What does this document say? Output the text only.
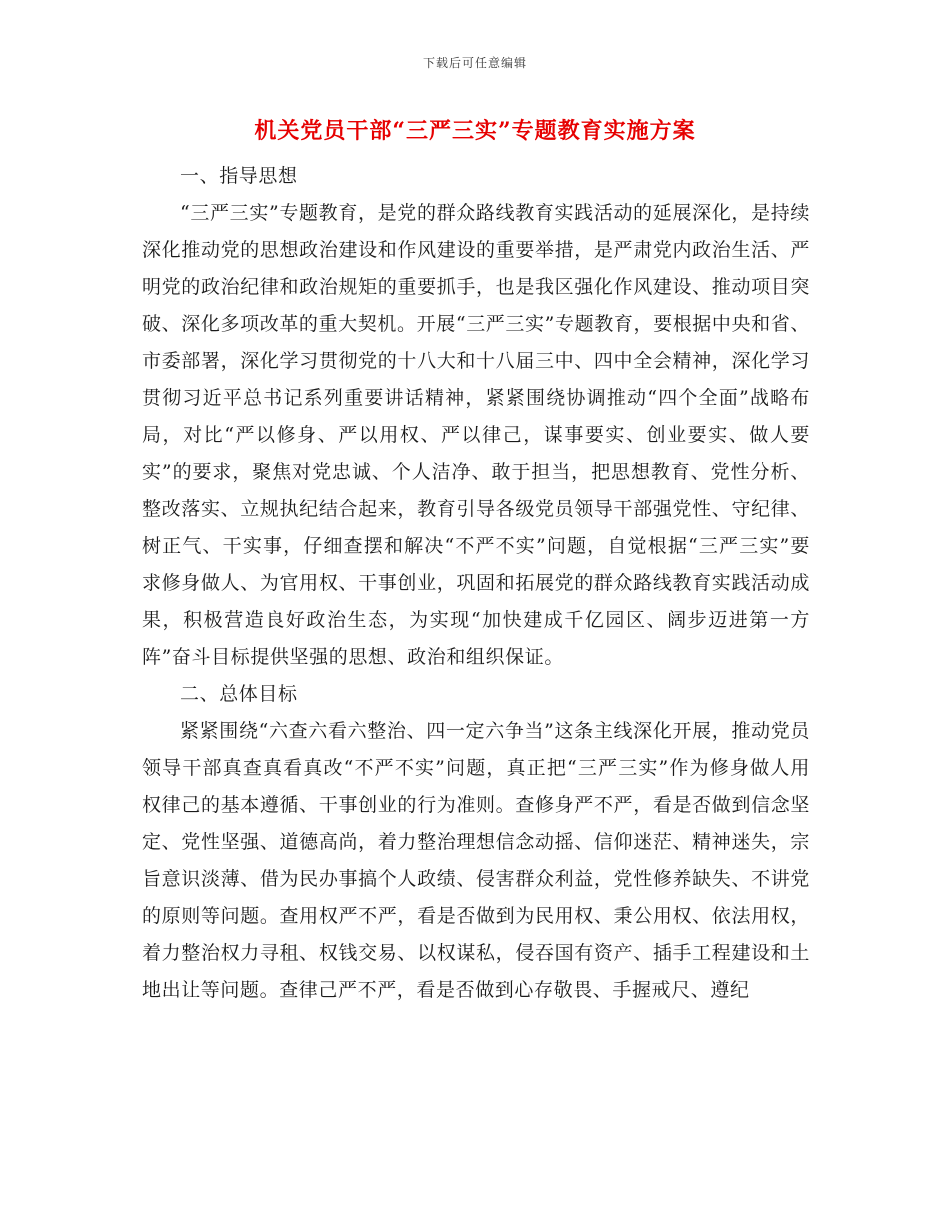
下载后可任意编辑
机关党员干部“三严三实”专题教育实施方案

一、指导思想

“三严三实”专题教育，是党的群众路线教育实践活动的延展深化，是持续深化推动党的思想政治建设和作风建设的重要举措，是严肃党内政治生活、严明党的政治纪律和政治规矩的重要抓手，也是我区强化作风建设、推动项目突破、深化多项改革的重大契机。开展“三严三实”专题教育，要根据中央和省、市委部署，深化学习贯彻党的十八大和十八届三中、四中全会精神，深化学习贯彻习近平总书记系列重要讲话精神，紧紧围绕协调推动“四个全面”战略布局，对比“严以修身、严以用权、严以律己，谋事要实、创业要实、做人要实”的要求，聚焦对党忠诚、个人洁净、敢于担当，把思想教育、党性分析、整改落实、立规执纪结合起来，教育引导各级党员领导干部强党性、守纪律、树正气、干实事，仔细查摆和解决“不严不实”问题，自觉根据“三严三实”要求修身做人、为官用权、干事创业，巩固和拓展党的群众路线教育实践活动成果，积极营造良好政治生态，为实现“加快建成千亿园区、阔步迈进第一方阵”奋斗目标提供坚强的思想、政治和组织保证。

二、总体目标

紧紧围绕“六查六看六整治、四一定六争当”这条主线深化开展，推动党员领导干部真查真看真改“不严不实”问题，真正把“三严三实”作为修身做人用权律己的基本遵循、干事创业的行为准则。查修身严不严，看是否做到信念坚定、党性坚强、道德高尚，着力整治理想信念动摇、信仰迷茫、精神迷失，宗旨意识淡薄、借为民办事搞个人政绩、侵害群众利益，党性修养缺失、不讲党的原则等问题。查用权严不严，看是否做到为民用权、秉公用权、依法用权，着力整治权力寻租、权钱交易、以权谋私，侵吞国有资产、插手工程建设和土地出让等问题。查律己严不严，看是否做到心存敬畏、手握戒尺、遵纪
